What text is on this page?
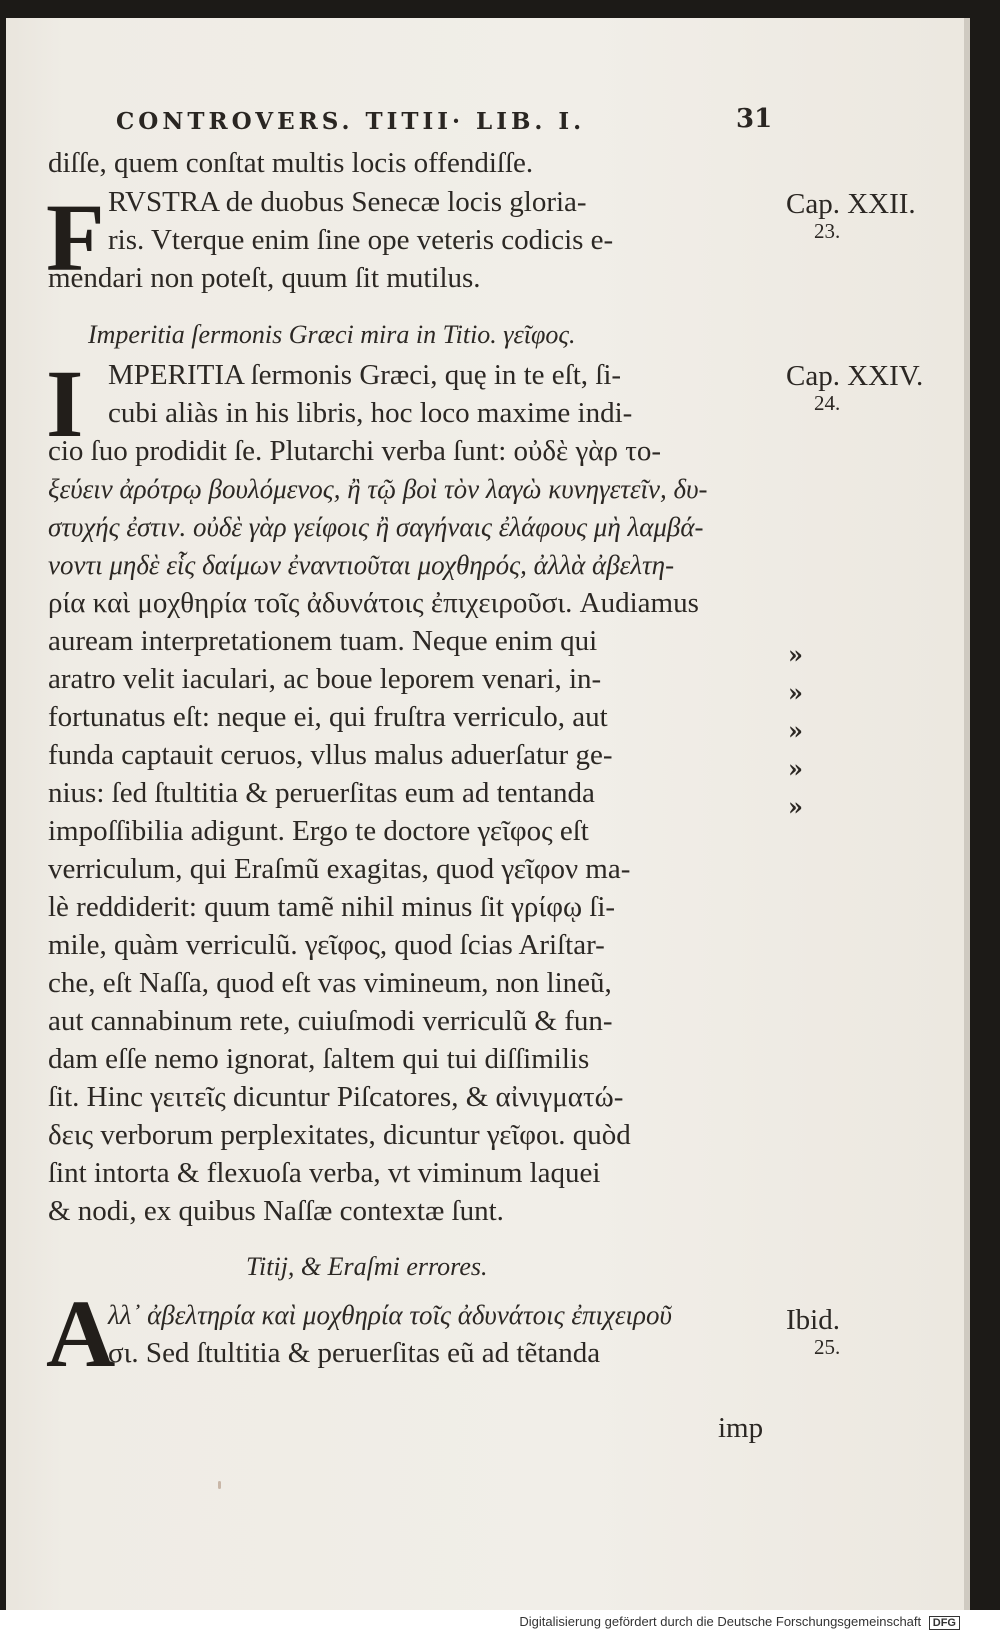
CONTROVERS. TITII· LIB. I.	31
diſſe, quem conſtat multis locis offendiſſe.
F RVSTRA de duobus Senecæ locis gloria-
ris. Vterque enim ſine ope veteris codicis e-
mendari non poteſt, quum ſit mutilus.
Cap. XXII.
23.
Imperitia ſermonis Græci mira in Titio. γεῖφος.
I MPERITIA ſermonis Græci, quę in te eſt, ſi-
cubi aliàs in his libris, hoc loco maxime indi-
cio ſuo prodidit ſe. Plutarchi verba ſunt: οὐδὲ γὰρ το-
ξεύειν ἀρότρῳ βουλόμενος, ἢ τῷ βοὶ τὸν λαγὼ κυνηγετεῖν, δυ-
στυχής ἐστιν. οὐδὲ γὰρ γείφοις ἢ σαγήναις ἐλάφους μὴ λαμβά-
νοντι μηδὲ εἷς δαίμων ἐναντιοῦται μοχθηρός, ἀλλὰ ἀβελτη-
ρία καὶ μοχθηρία τοῖς ἀδυνάτοις ἐπιχειροῦσι. Audiamus
auream interpretationem tuam. Neque enim qui
aratro velit iaculari, ac boue leporem venari, in-
fortunatus eſt: neque ei, qui fruſtra verriculo, aut
funda captauit ceruos, vllus malus aduerſatur ge-
nius: ſed ſtultitia & peruerſitas eum ad tentanda
impoſſibilia adigunt. Ergo te doctore γεῖφος eſt
verriculum, qui Eraſmũ exagitas, quod γεῖφον ma-
lè reddiderit: quum tamẽ nihil minus ſit γρίφῳ ſi-
mile, quàm verriculũ. γεῖφος, quod ſcias Ariſtar-
che, eſt Naſſa, quod eſt vas vimineum, non lineũ,
aut cannabinum rete, cuiuſmodi verriculũ & fun-
dam eſſe nemo ignorat, ſaltem qui tui diſſimilis
ſit. Hinc γειτεῖς dicuntur Piſcatores, & αἰνιγματώ-
δεις verborum perplexitates, dicuntur γεῖφοι. quòd
ſint intorta & flexuoſa verba, vt viminum laquei
& nodi, ex quibus Naſſæ contextæ ſunt.
Cap. XXIV.
24.
»
»
»
»
»
Titij, & Eraſmi errores.
A
λλ᾽ ἀβελτηρία καὶ μοχθηρία τοῖς ἀδυνάτοις ἐπιχειροῦ
σι. Sed ſtultitia & peruerſitas eũ ad tẽtanda
Ibid.
25.
imp
Digitalisierung gefördert durch die Deutsche Forschungsgemeinschaft DFG
